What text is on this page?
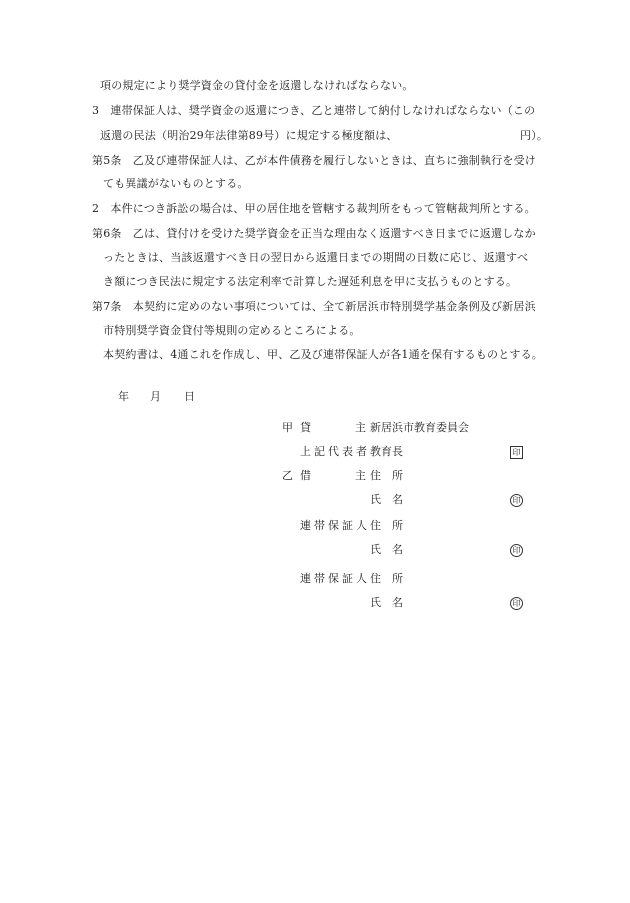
項の規定により奨学資金の貸付金を返還しなければならない。
3　連帯保証人は、奨学資金の返還につき、乙と連帯して納付しなければならない（この
返還の民法（明治29年法律第89号）に規定する極度額は、	円）。
第5条　乙及び連帯保証人は、乙が本件債務を履行しないときは、直ちに強制執行を受け
ても異議がないものとする。
2　本件につき訴訟の場合は、甲の居住地を管轄する裁判所をもって管轄裁判所とする。
第6条　乙は、貸付けを受けた奨学資金を正当な理由なく返還すべき日までに返還しなか
ったときは、当該返還すべき日の翌日から返還日までの期間の日数に応じ、返還すべ
き額につき民法に規定する法定利率で計算した遅延利息を甲に支払うものとする。
第7条　本契約に定めのない事項については、全て新居浜市特別奨学基金条例及び新居浜
市特別奨学資金貸付等規則の定めるところによる。
本契約書は、4通これを作成し、甲、乙及び連帯保証人が各1通を保有するものとする。
年 月 日
甲 貸　　　　主 新居浜市教育委員会
上記代表者 教育長	印
乙 借　　　　主 住　所
氏　名	印
連帯保証人 住　所
氏　名	印
連帯保証人 住　所
氏　名	印
